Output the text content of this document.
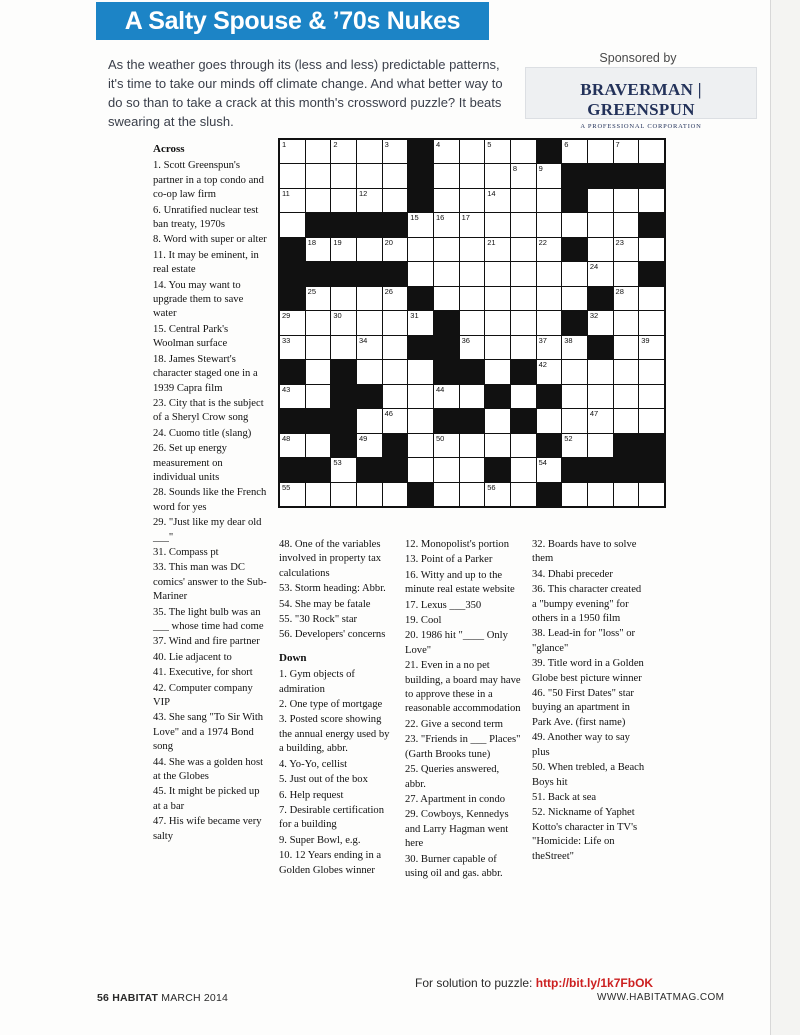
A Salty Spouse & ’70s Nukes
As the weather goes through its (less and less) predictable patterns, it's time to take our minds off climate change. And what better way to do so than to take a crack at this month's crossword puzzle? It beats swearing at the slush.
Sponsored by
BRAVERMAN | GREENSPUN
A PROFESSIONAL CORPORATION
1	2	3	4	5	6	7
8	9
11	12	14
15 16 17
18 19	20	21	22	23
24
25	26	28
29	30	31	32
33	34	36	37 38	39
42
43	44
46	47
48	49	50	52
53	54
55	56
Across
1. Scott Greenspun's partner in a top condo and co-op law firm
6. Unratified nuclear test ban treaty, 1970s
8. Word with super or alter
11. It may be eminent, in real estate
14. You may want to upgrade them to save water
15. Central Park's Woolman surface
18. James Stewart's character staged one in a 1939 Capra film
23. City that is the subject of a Sheryl Crow song
24. Cuomo title (slang)
26. Set up energy measurement on individual units
28. Sounds like the French word for yes
29. "Just like my dear old ___"
31. Compass pt
33. This man was DC comics' answer to the Sub-Mariner
35. The light bulb was an ___ whose time had come
37. Wind and fire partner
40. Lie adjacent to
41. Executive, for short
42. Computer company VIP
43. She sang "To Sir With Love" and a 1974 Bond song
44. She was a golden host at the Globes
45. It might be picked up at a bar
47. His wife became very salty
48. One of the variables involved in property tax calculations
53. Storm heading: Abbr.
54. She may be fatale
55. "30 Rock" star
56. Developers' concerns
Down
1. Gym objects of admiration
2. One type of mortgage
3. Posted score showing the annual energy used by a building, abbr.
4. Yo-Yo, cellist
5. Just out of the box
6. Help request
7. Desirable certification for a building
9. Super Bowl, e.g.
10. 12 Years ending in a Golden Globes winner
12. Monopolist's portion
13. Point of a Parker
16. Witty and up to the minute real estate website
17. Lexus ___350
19. Cool
20. 1986 hit "____ Only Love"
21. Even in a no pet building, a board may have to approve these in a reasonable accommodation
22. Give a second term
23. "Friends in ___ Places" (Garth Brooks tune)
25. Queries answered, abbr.
27. Apartment in condo
29. Cowboys, Kennedys and Larry Hagman went here
30. Burner capable of using oil and gas. abbr.
32. Boards have to solve them
34. Dhabi preceder
36. This character created a "bumpy evening" for others in a 1950 film
38. Lead-in for "loss" or "glance"
39. Title word in a Golden Globe best picture winner
46. "50 First Dates" star buying an apartment in Park Ave. (first name)
49. Another way to say plus
50. When trebled, a Beach Boys hit
51. Back at sea
52. Nickname of Yaphet Kotto's character in TV's "Homicide: Life on theStreet"
For solution to puzzle: http://bit.ly/1k7FbOK
56 HABITAT MARCH 2014	WWW.HABITATMAG.COM
